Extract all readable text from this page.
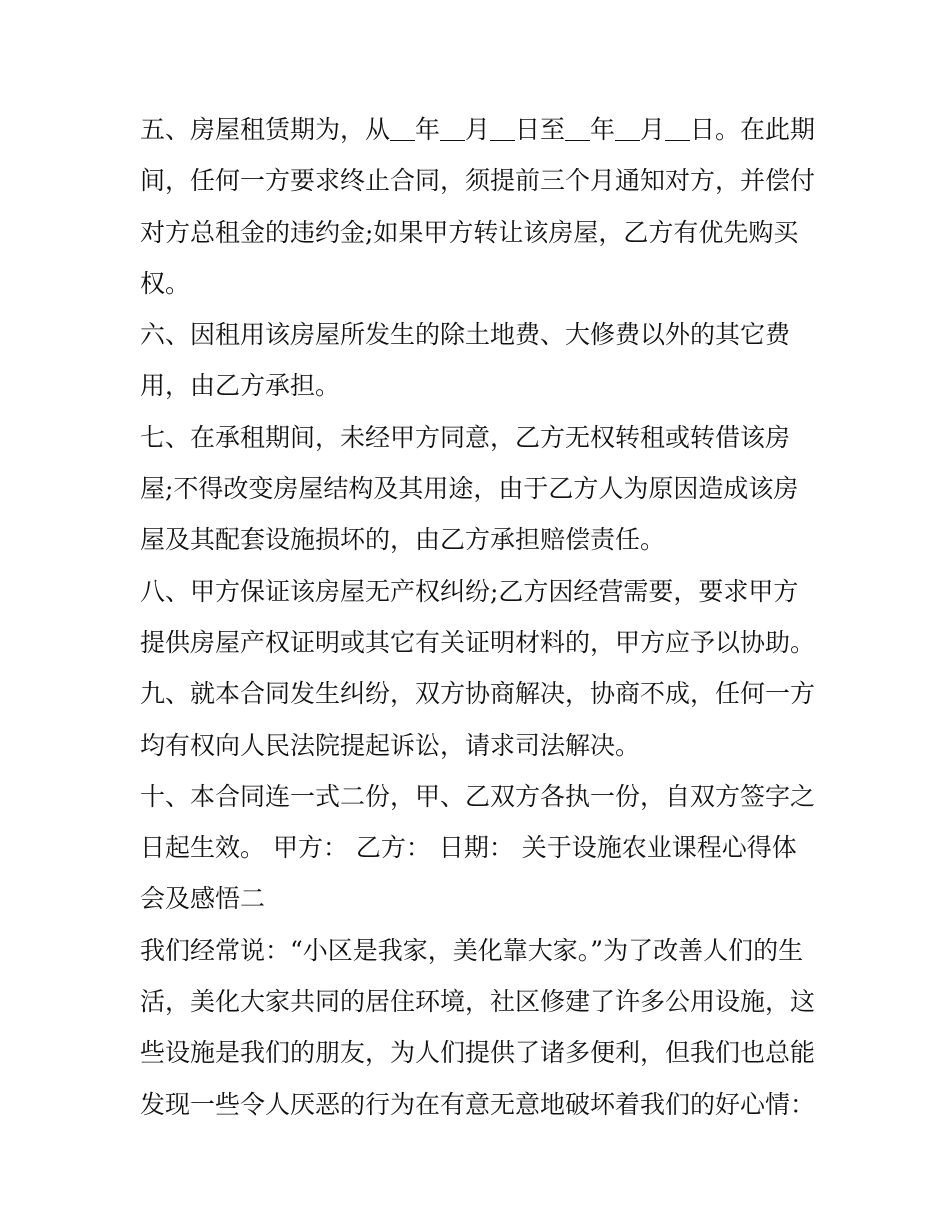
五、房屋租赁期为，从＿年＿月＿日至＿年＿月＿日。在此期
间，任何一方要求终止合同，须提前三个月通知对方，并偿付
对方总租金的违约金;如果甲方转让该房屋，乙方有优先购买
权。
六、因租用该房屋所发生的除土地费、大修费以外的其它费
用，由乙方承担。
七、在承租期间，未经甲方同意，乙方无权转租或转借该房
屋;不得改变房屋结构及其用途，由于乙方人为原因造成该房
屋及其配套设施损坏的，由乙方承担赔偿责任。
八、甲方保证该房屋无产权纠纷;乙方因经营需要，要求甲方
提供房屋产权证明或其它有关证明材料的，甲方应予以协助。
九、就本合同发生纠纷，双方协商解决，协商不成，任何一方
均有权向人民法院提起诉讼，请求司法解决。
十、本合同连一式二份，甲、乙双方各执一份，自双方签字之
日起生效。 甲方： 乙方： 日期： 关于设施农业课程心得体
会及感悟二
我们经常说：“小区是我家，美化靠大家。”为了改善人们的生
活，美化大家共同的居住环境，社区修建了许多公用设施，这
些设施是我们的朋友，为人们提供了诸多便利，但我们也总能
发现一些令人厌恶的行为在有意无意地破坏着我们的好心情：
